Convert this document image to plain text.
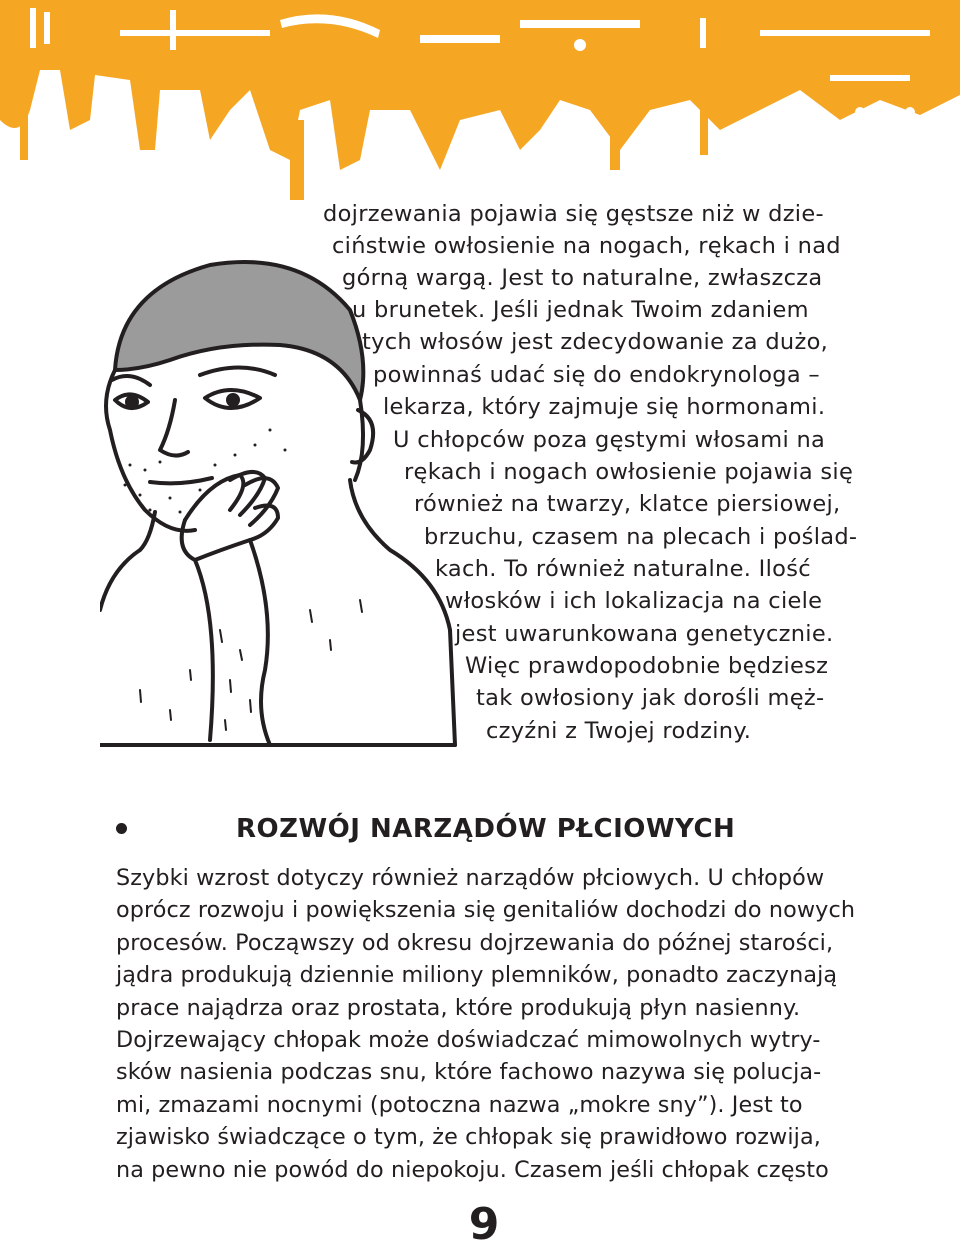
dojrzewania pojawia się gęstsze niż w dzie-
ciństwie owłosienie na nogach, rękach i nad
górną wargą. Jest to naturalne, zwłaszcza
u brunetek. Jeśli jednak Twoim zdaniem
tych włosów jest zdecydowanie za dużo,
powinnaś udać się do endokrynologa –
lekarza, który zajmuje się hormonami.
U chłopców poza gęstymi włosami na
rękach i nogach owłosienie pojawia się
również na twarzy, klatce piersiowej,
brzuchu, czasem na plecach i poślad-
kach. To również naturalne. Ilość
włosków i ich lokalizacja na ciele
jest uwarunkowana genetycznie.
Więc prawdopodobnie będziesz
tak owłosiony jak dorośli męż-
czyźni z Twojej rodziny.
ROZWÓJ NARZĄDÓW PŁCIOWYCH
Szybki wzrost dotyczy również narządów płciowych. U chłopów
oprócz rozwoju i powiększenia się genitaliów dochodzi do nowych
procesów. Począwszy od okresu dojrzewania do późnej starości,
jądra produkują dziennie miliony plemników, ponadto zaczynają
prace najądrza oraz prostata, które produkują płyn nasienny.
Dojrzewający chłopak może doświadczać mimowolnych wytry-
sków nasienia podczas snu, które fachowo nazywa się polucja-
mi, zmazami nocnymi (potoczna nazwa „mokre sny”). Jest to
zjawisko świadczące o tym, że chłopak się prawidłowo rozwija,
na pewno nie powód do niepokoju. Czasem jeśli chłopak często
9
